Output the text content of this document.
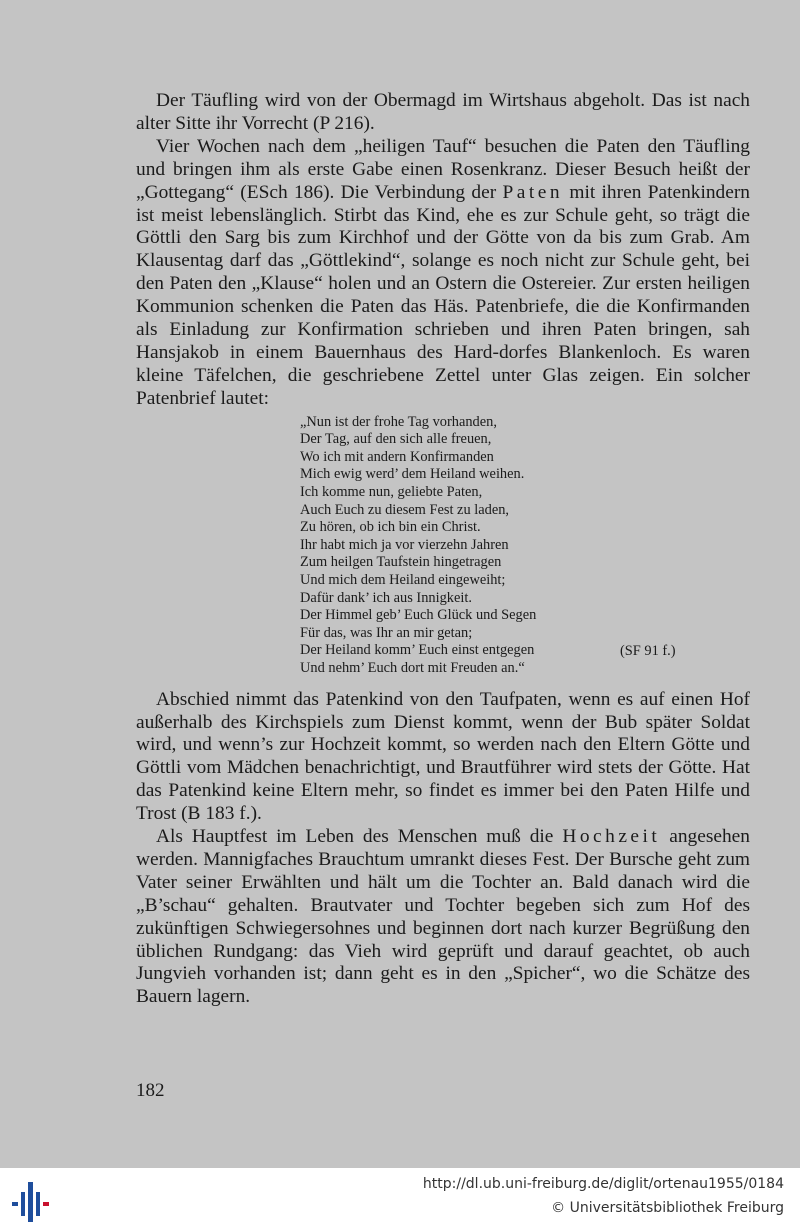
Der Täufling wird von der Obermagd im Wirtshaus abgeholt. Das ist nach alter Sitte ihr Vorrecht (P 216).

Vier Wochen nach dem „heiligen Tauf“ besuchen die Paten den Täufling und bringen ihm als erste Gabe einen Rosenkranz. Dieser Besuch heißt der „Gottegang“ (ESch 186). Die Verbindung der Paten mit ihren Patenkindern ist meist lebenslänglich. Stirbt das Kind, ehe es zur Schule geht, so trägt die Göttli den Sarg bis zum Kirchhof und der Götte von da bis zum Grab. Am Klausentag darf das „Göttlekind“, solange es noch nicht zur Schule geht, bei den Paten den „Klause“ holen und an Ostern die Ostereier. Zur ersten heiligen Kommunion schenken die Paten das Häs. Patenbriefe, die die Konfirmanden als Einladung zur Konfirmation schrieben und ihren Paten bringen, sah Hansjakob in einem Bauernhaus des Hard-dorfes Blankenloch. Es waren kleine Täfelchen, die geschriebene Zettel unter Glas zeigen. Ein solcher Patenbrief lautet:

„Nun ist der frohe Tag vorhanden,
Der Tag, auf den sich alle freuen,
Wo ich mit andern Konfirmanden
Mich ewig werd’ dem Heiland weihen.
Ich komme nun, geliebte Paten,
Auch Euch zu diesem Fest zu laden,
Zu hören, ob ich bin ein Christ.
Ihr habt mich ja vor vierzehn Jahren
Zum heilgen Taufstein hingetragen
Und mich dem Heiland eingeweiht;
Dafür dank’ ich aus Innigkeit.
Der Himmel geb’ Euch Glück und Segen
Für das, was Ihr an mir getan;
Der Heiland komm’ Euch einst entgegen
Und nehm’ Euch dort mit Freuden an.“
(SF 91 f.)

Abschied nimmt das Patenkind von den Taufpaten, wenn es auf einen Hof außerhalb des Kirchspiels zum Dienst kommt, wenn der Bub später Soldat wird, und wenn’s zur Hochzeit kommt, so werden nach den Eltern Götte und Göttli vom Mädchen benachrichtigt, und Brautführer wird stets der Götte. Hat das Patenkind keine Eltern mehr, so findet es immer bei den Paten Hilfe und Trost (B 183 f.).

Als Hauptfest im Leben des Menschen muß die Hochzeit angesehen werden. Mannigfaches Brauchtum umrankt dieses Fest. Der Bursche geht zum Vater seiner Erwählten und hält um die Tochter an. Bald danach wird die „B’schau“ gehalten. Brautvater und Tochter begeben sich zum Hof des zukünftigen Schwiegersohnes und beginnen dort nach kurzer Begrüßung den üblichen Rundgang: das Vieh wird geprüft und darauf geachtet, ob auch Jungvieh vorhanden ist; dann geht es in den „Spicher“, wo die Schätze des Bauern lagern.

182
http://dl.ub.uni-freiburg.de/diglit/ortenau1955/0184
© Universitätsbibliothek Freiburg
